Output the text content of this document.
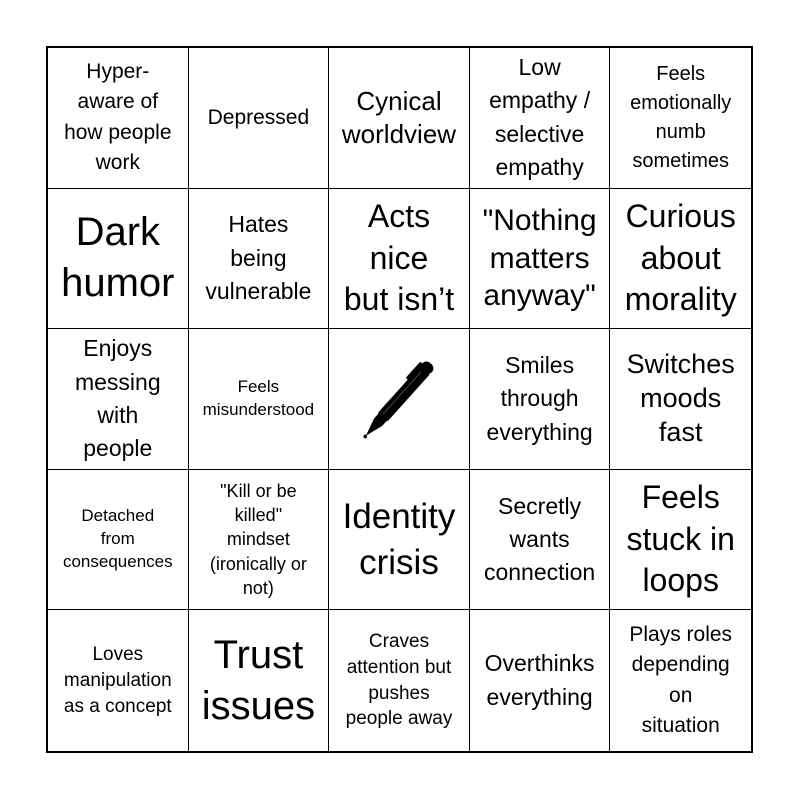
Hyper-
aware of
how people
work
Depressed
Cynical
worldview
Low
empathy /
selective
empathy
Feels
emotionally
numb
sometimes
Dark
humor
Hates
being
vulnerable
Acts
nice
but isn’t
"Nothing
matters
anyway"
Curious
about
morality
Enjoys
messing
with
people
Feels
misunderstood
Smiles
through
everything
Switches
moods
fast
Detached
from
consequences
"Kill or be
killed"
mindset
(ironically or
not)
Identity
crisis
Secretly
wants
connection
Feels
stuck in
loops
Loves
manipulation
as a concept
Trust
issues
Craves
attention but
pushes
people away
Overthinks
everything
Plays roles
depending
on
situation
